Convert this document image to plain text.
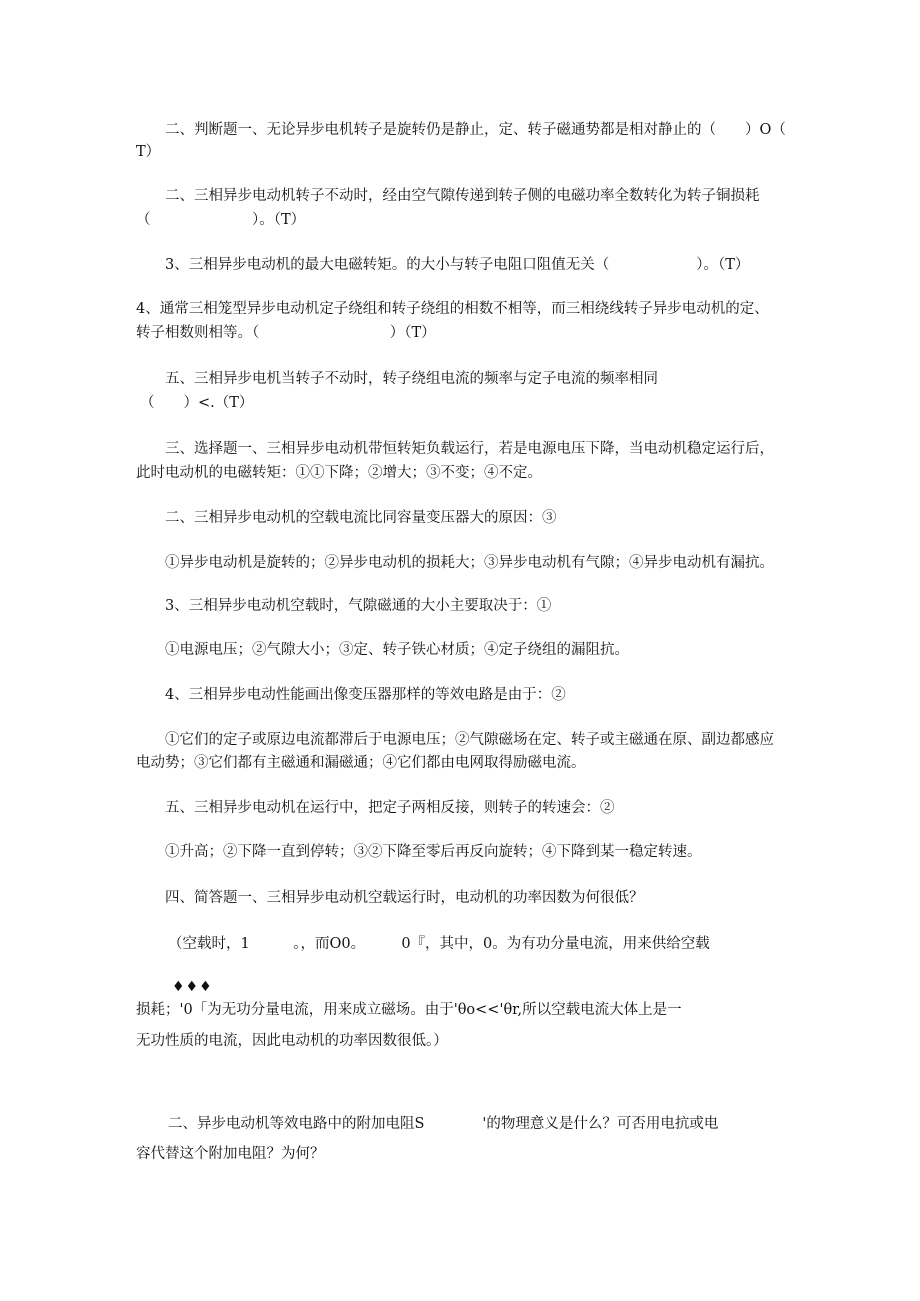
二、判断题一、无论异步电机转子是旋转仍是静止，定、转子磁通势都是相对静止的（　　）O（
T）
二、三相异步电动机转子不动时，经由空气隙传递到转子侧的电磁功率全数转化为转子铜损耗
（　　　　　　　）。（T）
3、三相异步电动机的最大电磁转矩。的大小与转子电阻口阻值无关（　　　　　　）。（T）
4、通常三相笼型异步电动机定子绕组和转子绕组的相数不相等，而三相绕线转子异步电动机的定、
转子相数则相等。（　　　　　　　　　）（T）
五、三相异步电机当转子不动时，转子绕组电流的频率与定子电流的频率相同
（　　）<.（T）
三、选择题一、三相异步电动机带恒转矩负载运行，若是电源电压下降，当电动机稳定运行后，
此时电动机的电磁转矩：①①下降；②增大；③不变；④不定。
二、三相异步电动机的空载电流比同容量变压器大的原因：③
①异步电动机是旋转的；②异步电动机的损耗大；③异步电动机有气隙；④异步电动机有漏抗。
3、三相异步电动机空载时，气隙磁通的大小主要取决于：①
①电源电压；②气隙大小；③定、转子铁心材质；④定子绕组的漏阻抗。
4、三相异步电动性能画出像变压器那样的等效电路是由于：②
①它们的定子或原边电流都滞后于电源电压；②气隙磁场在定、转子或主磁通在原、副边都感应
电动势；③它们都有主磁通和漏磁通；④它们都由电网取得励磁电流。
五、三相异步电动机在运行中，把定子两相反接，则转子的转速会：②
①升高；②下降一直到停转；③②下降至零后再反向旋转；④下降到某一稳定转速。
四、简答题一、三相异步电动机空载运行时，电动机的功率因数为何很低？
（空载时，1　　　。，而O0。　　　0『，其中，0。为有功分量电流，用来供给空载
♦♦♦
损耗；'0「为无功分量电流，用来成立磁场。由于'θo<<'θr,所以空载电流大体上是一
无功性质的电流，因此电动机的功率因数很低。）
二、异步电动机等效电路中的附加电阻S　　　　'的物理意义是什么？可否用电抗或电
容代替这个附加电阻？为何？
